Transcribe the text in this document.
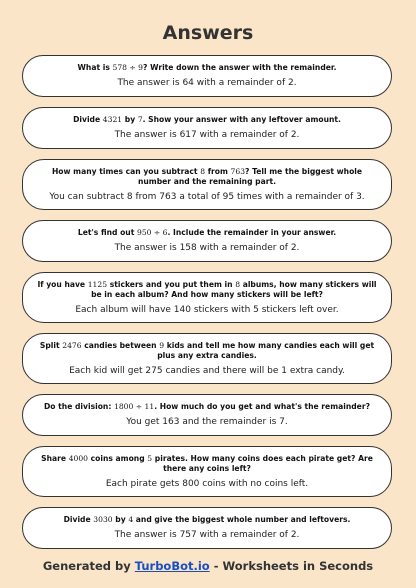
Answers
What is 578 ÷ 9? Write down the answer with the remainder.
The answer is 64 with a remainder of 2.
Divide 4321 by 7. Show your answer with any leftover amount.
The answer is 617 with a remainder of 2.
How many times can you subtract 8 from 763? Tell me the biggest whole number and the remaining part.
You can subtract 8 from 763 a total of 95 times with a remainder of 3.
Let's find out 950 ÷ 6. Include the remainder in your answer.
The answer is 158 with a remainder of 2.
If you have 1125 stickers and you put them in 8 albums, how many stickers will be in each album? And how many stickers will be left?
Each album will have 140 stickers with 5 stickers left over.
Split 2476 candies between 9 kids and tell me how many candies each will get plus any extra candies.
Each kid will get 275 candies and there will be 1 extra candy.
Do the division: 1800 ÷ 11. How much do you get and what's the remainder?
You get 163 and the remainder is 7.
Share 4000 coins among 5 pirates. How many coins does each pirate get? Are there any coins left?
Each pirate gets 800 coins with no coins left.
Divide 3030 by 4 and give the biggest whole number and leftovers.
The answer is 757 with a remainder of 2.
Generated by TurboBot.io - Worksheets in Seconds
